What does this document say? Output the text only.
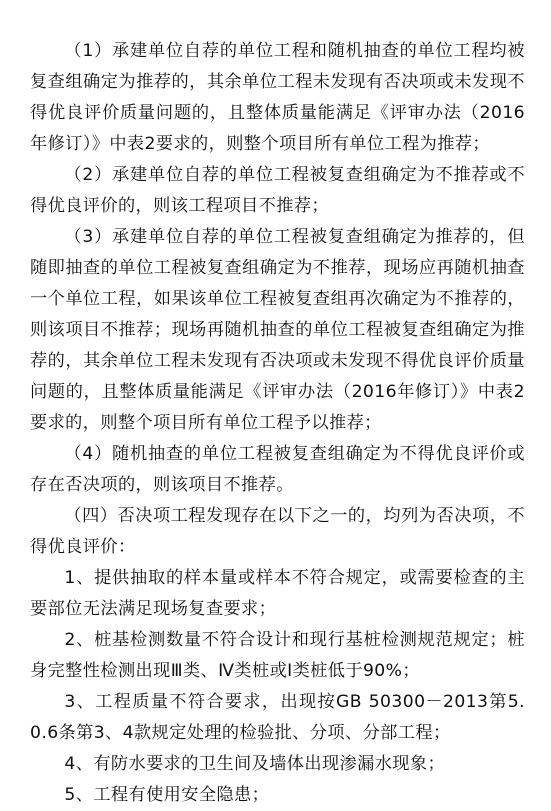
（1）承建单位自荐的单位工程和随机抽查的单位工程均被复查组确定为推荐的，其余单位工程未发现有否决项或未发现不得优良评价质量问题的，且整体质量能满足《评审办法（2016年修订）》中表2要求的，则整个项目所有单位工程为推荐；

（2）承建单位自荐的单位工程被复查组确定为不推荐或不得优良评价的，则该工程项目不推荐；

（3）承建单位自荐的单位工程被复查组确定为推荐的，但随即抽查的单位工程被复查组确定为不推荐，现场应再随机抽查一个单位工程，如果该单位工程被复查组再次确定为不推荐的，则该项目不推荐；现场再随机抽查的单位工程被复查组确定为推荐的，其余单位工程未发现有否决项或未发现不得优良评价质量问题的，且整体质量能满足《评审办法（2016年修订）》中表2要求的，则整个项目所有单位工程予以推荐；

（4）随机抽查的单位工程被复查组确定为不得优良评价或存在否决项的，则该项目不推荐。

（四）否决项工程发现存在以下之一的，均列为否决项，不得优良评价：

1、提供抽取的样本量或样本不符合规定，或需要检查的主要部位无法满足现场复查要求；

2、桩基检测数量不符合设计和现行基桩检测规范规定；桩身完整性检测出现Ⅲ类、Ⅳ类桩或Ⅰ类桩低于90%；

3、工程质量不符合要求，出现按GB 50300－2013第5.0.6条第3、4款规定处理的检验批、分项、分部工程；

4、有防水要求的卫生间及墙体出现渗漏水现象；

5、工程有使用安全隐患；
